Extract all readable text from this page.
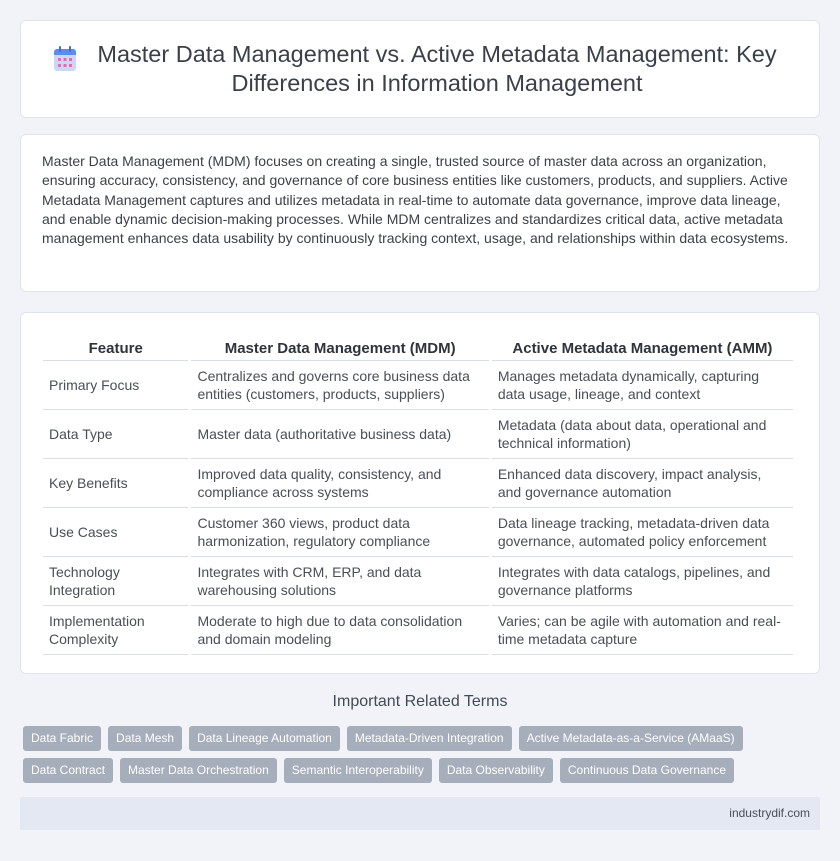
Master Data Management vs. Active Metadata Management: Key Differences in Information Management

Master Data Management (MDM) focuses on creating a single, trusted source of master data across an organization, ensuring accuracy, consistency, and governance of core business entities like customers, products, and suppliers. Active Metadata Management captures and utilizes metadata in real-time to automate data governance, improve data lineage, and enable dynamic decision-making processes. While MDM centralizes and standardizes critical data, active metadata management enhances data usability by continuously tracking context, usage, and relationships within data ecosystems.

Feature	Master Data Management (MDM)	Active Metadata Management (AMM)
Primary Focus	Centralizes and governs core business data entities (customers, products, suppliers)	Manages metadata dynamically, capturing data usage, lineage, and context
Data Type	Master data (authoritative business data)	Metadata (data about data, operational and technical information)
Key Benefits	Improved data quality, consistency, and compliance across systems	Enhanced data discovery, impact analysis, and governance automation
Use Cases	Customer 360 views, product data harmonization, regulatory compliance	Data lineage tracking, metadata-driven data governance, automated policy enforcement
Technology Integration	Integrates with CRM, ERP, and data warehousing solutions	Integrates with data catalogs, pipelines, and governance platforms
Implementation Complexity	Moderate to high due to data consolidation and domain modeling	Varies; can be agile with automation and real-time metadata capture
Important Related Terms
Data Fabric	Data Mesh	Data Lineage Automation	Metadata-Driven Integration	Active Metadata-as-a-Service (AMaaS)
Data Contract	Master Data Orchestration	Semantic Interoperability	Data Observability	Continuous Data Governance
industrydif.com
